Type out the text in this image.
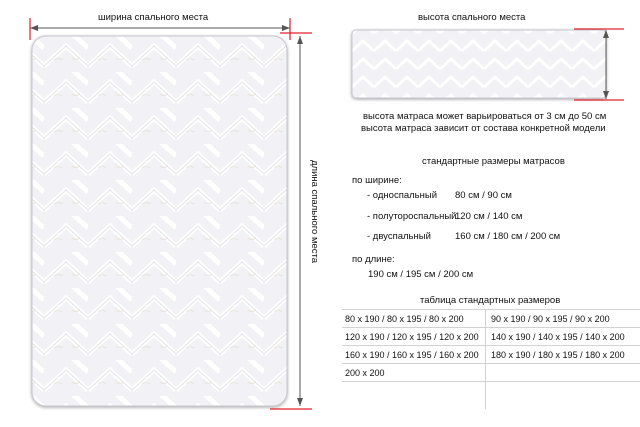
ширина спального места
длина спального места
высота спального места
высота матраса может варьироваться от 3 см до 50 см
высота матраса зависит от состава конкретной модели
стандартные размеры матрасов
по ширине:
- односпальный 80 см / 90 см
- полутороспальный
120 см / 140 см
- двуспальный	160 см / 180 см / 200 см
по длине:
190 см / 195 см / 200 см
таблица стандартных размеров
80 x 190 / 80 x 195 / 80 x 200	90 x 190 / 90 x 195 / 90 x 200
120 x 190 / 120 x 195 / 120 x 200 140 x 190 / 140 x 195 / 140 x 200
160 x 190 / 160 x 195 / 160 x 200 180 x 190 / 180 x 195 / 180 x 200
200 x 200
